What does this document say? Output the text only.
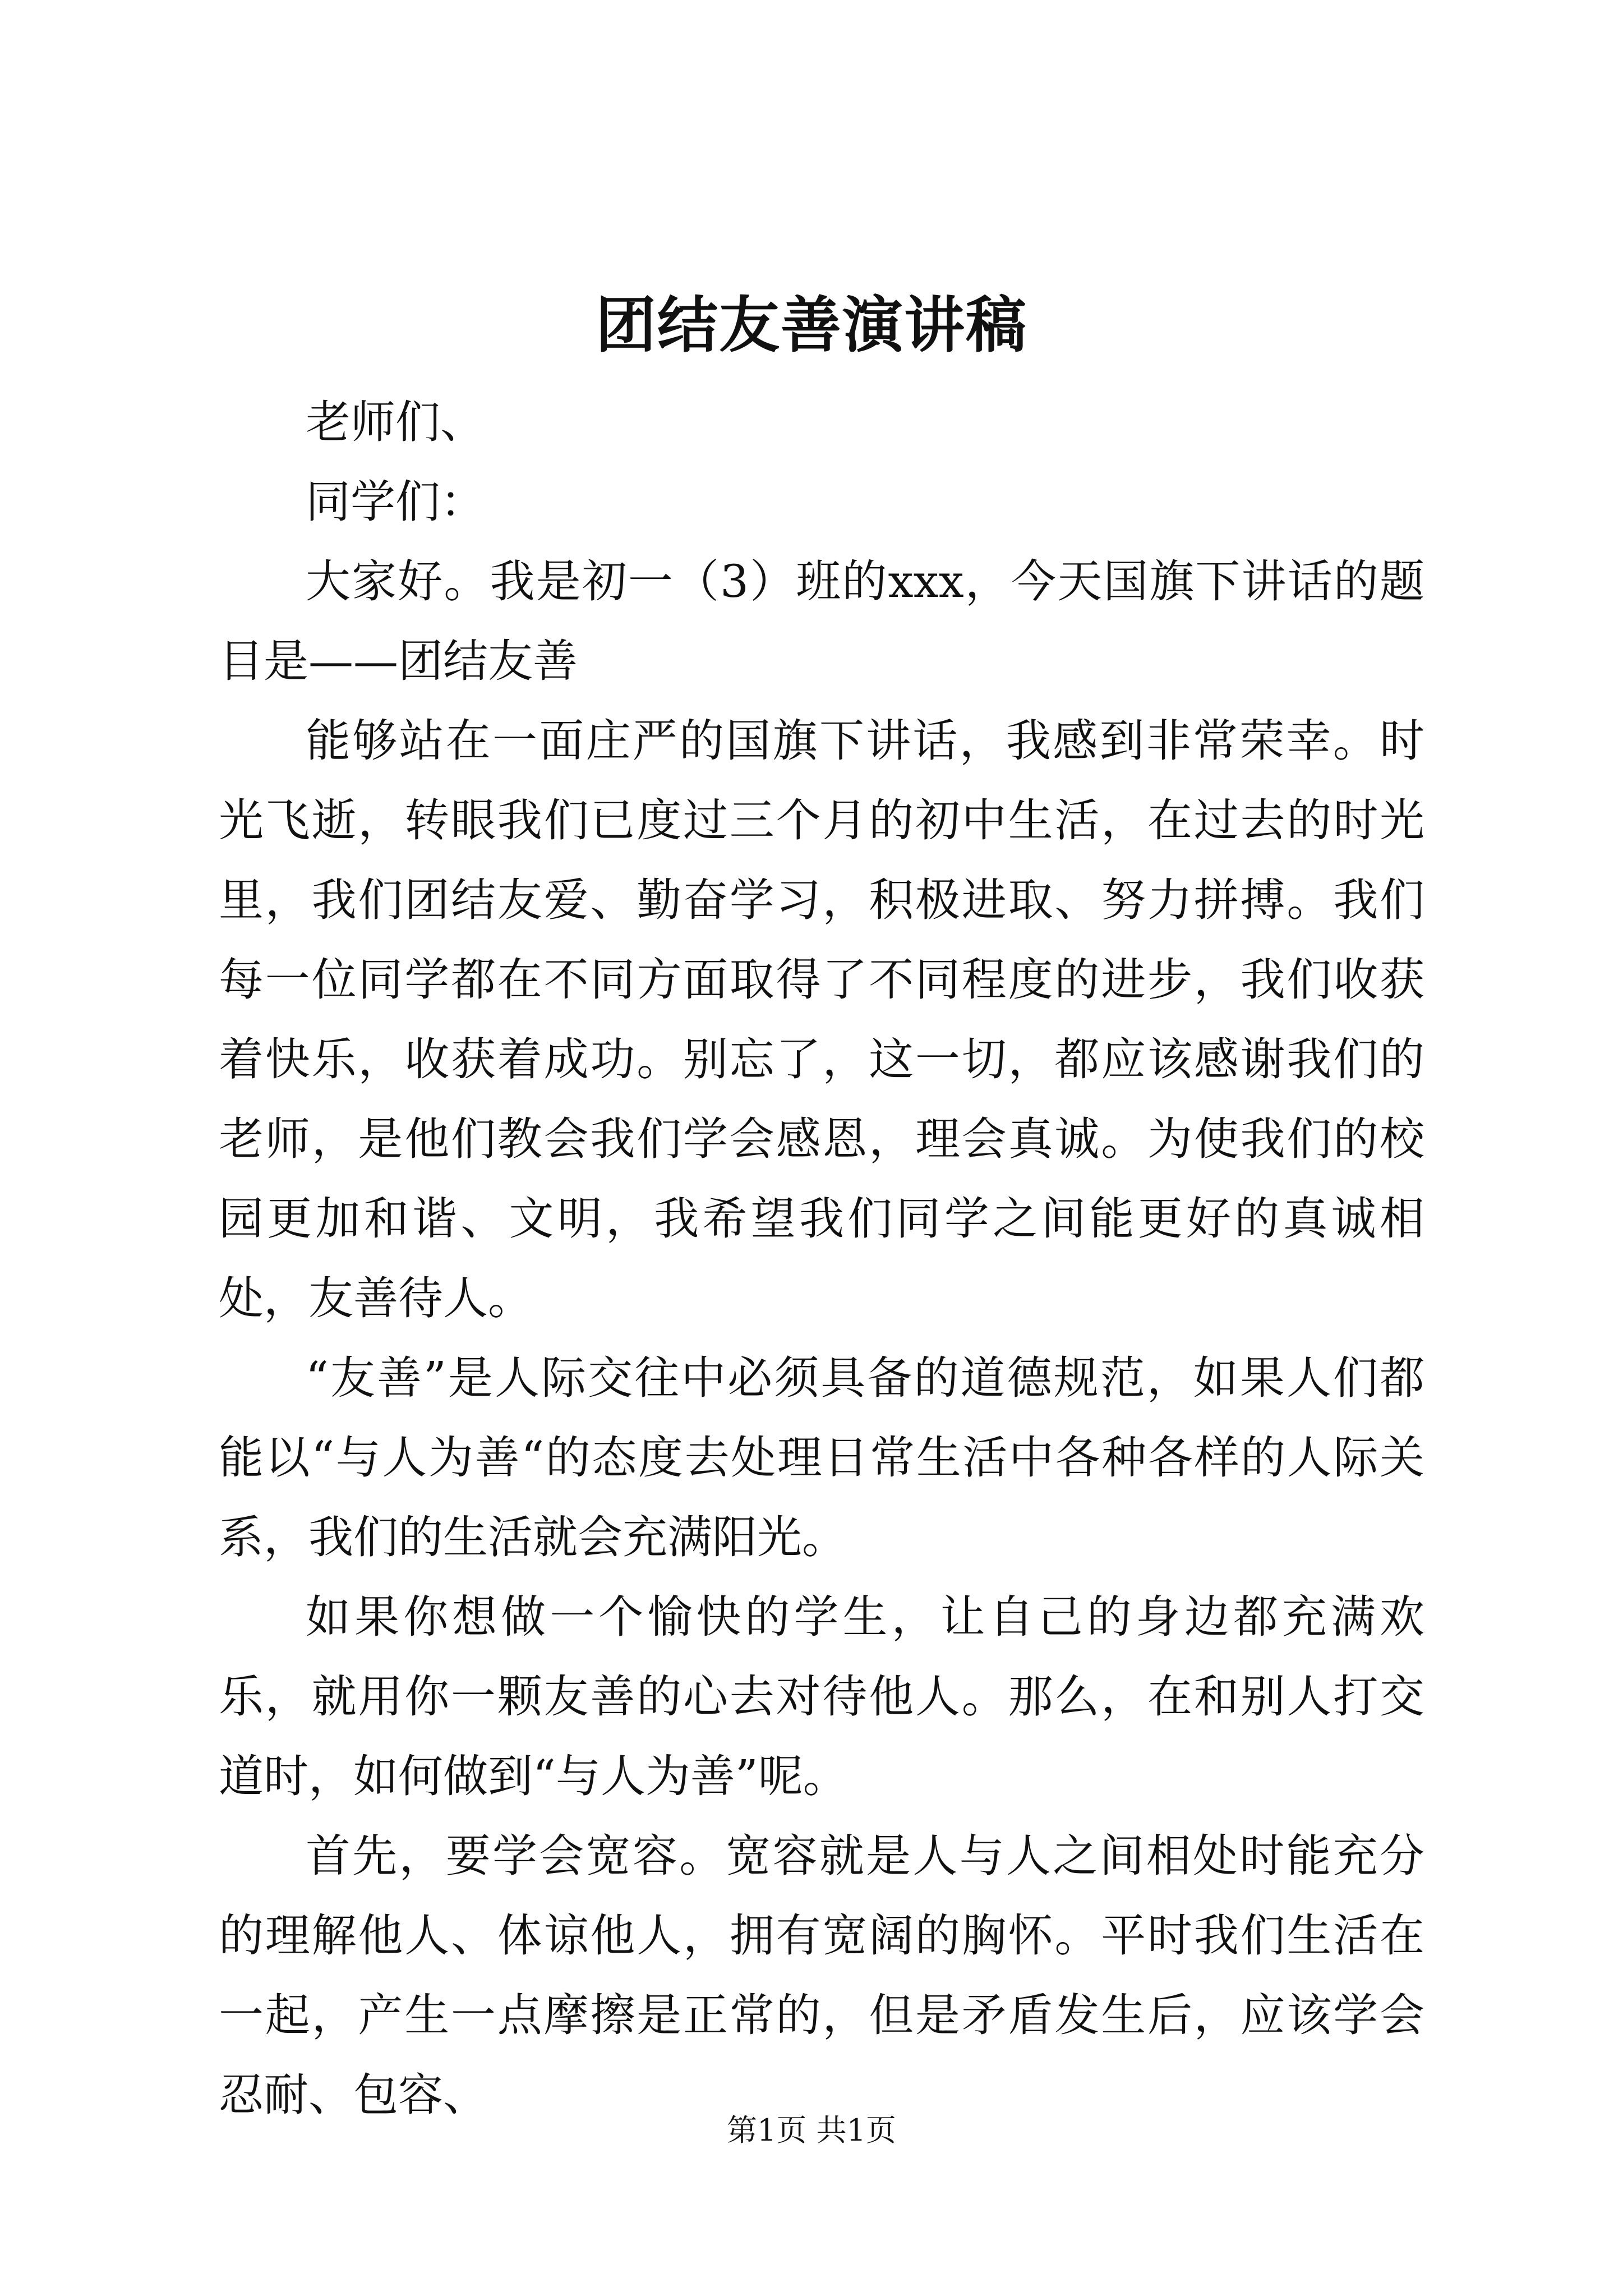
团结友善演讲稿

老师们、

同学们：

大家好。我是初一（3）班的xxx，今天国旗下讲话的题目是——团结友善

能够站在一面庄严的国旗下讲话，我感到非常荣幸。时光飞逝，转眼我们已度过三个月的初中生活，在过去的时光里，我们团结友爱、勤奋学习，积极进取、努力拼搏。我们每一位同学都在不同方面取得了不同程度的进步，我们收获着快乐，收获着成功。别忘了，这一切，都应该感谢我们的老师，是他们教会我们学会感恩，理会真诚。为使我们的校园更加和谐、文明，我希望我们同学之间能更好的真诚相处，友善待人。

“友善”是人际交往中必须具备的道德规范，如果人们都能以“与人为善“的态度去处理日常生活中各种各样的人际关系，我们的生活就会充满阳光。

如果你想做一个愉快的学生，让自己的身边都充满欢乐，就用你一颗友善的心去对待他人。那么，在和别人打交道时，如何做到“与人为善”呢。

首先，要学会宽容。宽容就是人与人之间相处时能充分的理解他人、体谅他人，拥有宽阔的胸怀。平时我们生活在一起，产生一点摩擦是正常的，但是矛盾发生后，应该学会忍耐、包容、

第1页 共1页
